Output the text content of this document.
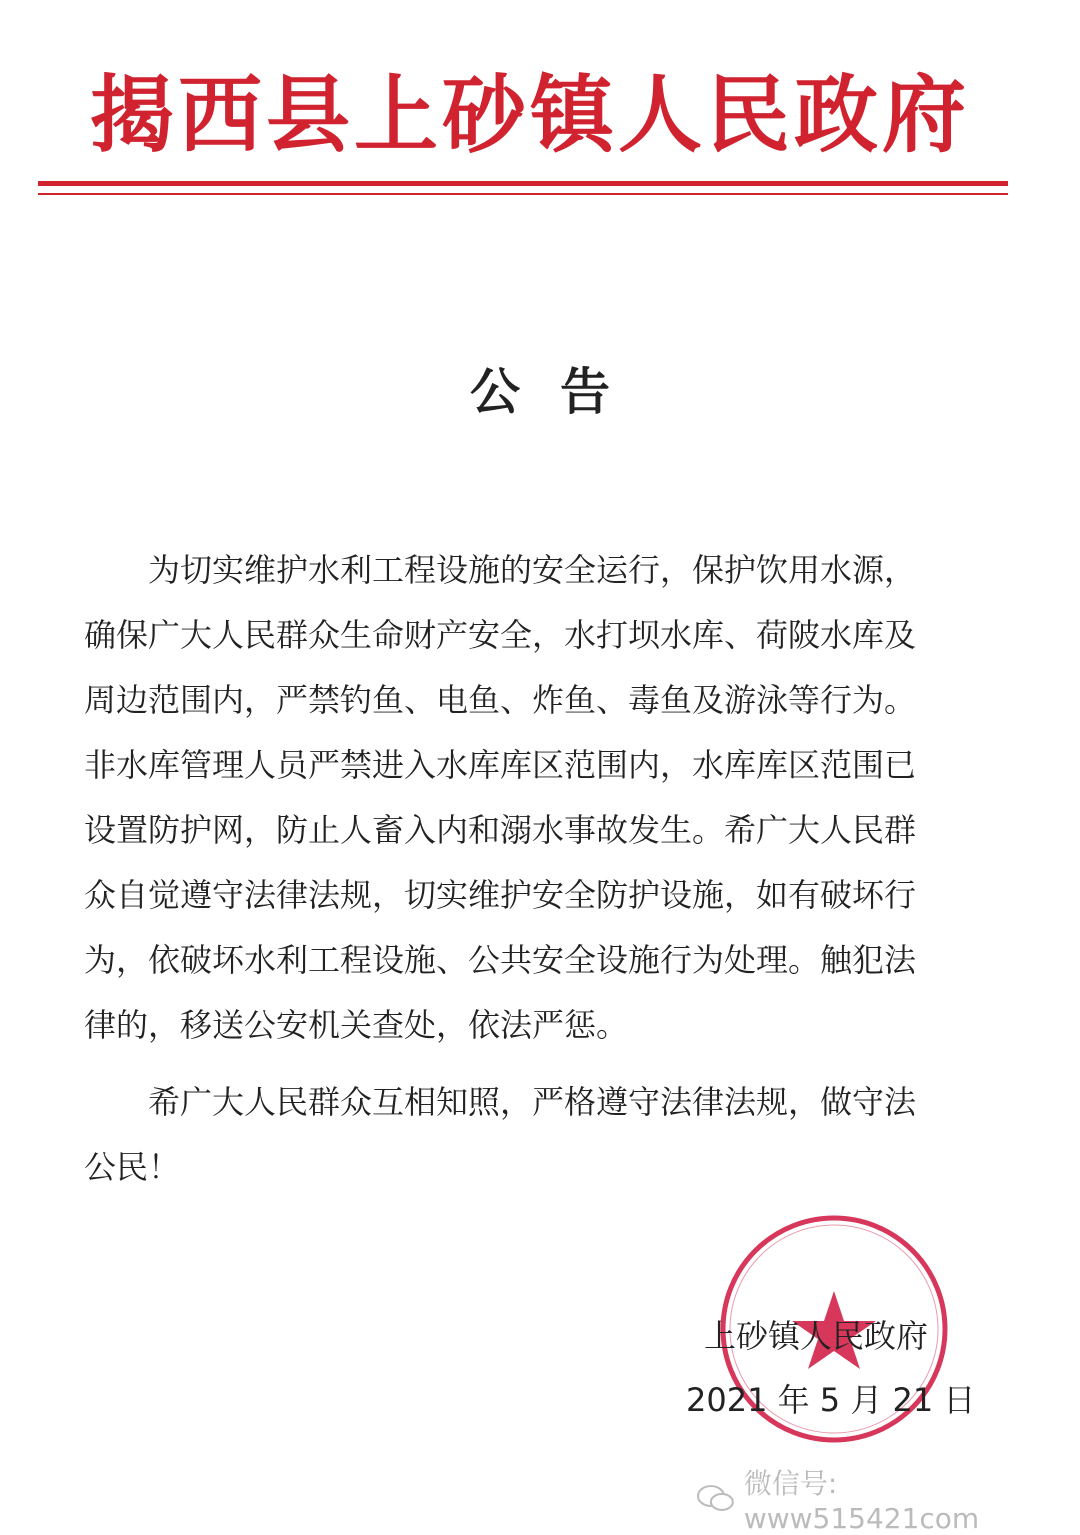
揭西县上砂镇人民政府
公告
为切实维护水利工程设施的安全运行，保护饮用水源，
确保广大人民群众生命财产安全，水打坝水库、荷陂水库及
周边范围内，严禁钓鱼、电鱼、炸鱼、毒鱼及游泳等行为。
非水库管理人员严禁进入水库库区范围内，水库库区范围已
设置防护网，防止人畜入内和溺水事故发生。希广大人民群
众自觉遵守法律法规，切实维护安全防护设施，如有破坏行
为，依破坏水利工程设施、公共安全设施行为处理。触犯法
律的，移送公安机关查处，依法严惩。
希广大人民群众互相知照，严格遵守法律法规，做守法
公民！
上砂镇人民政府
2021 年 5 月 21 日
微信号: www515421com
